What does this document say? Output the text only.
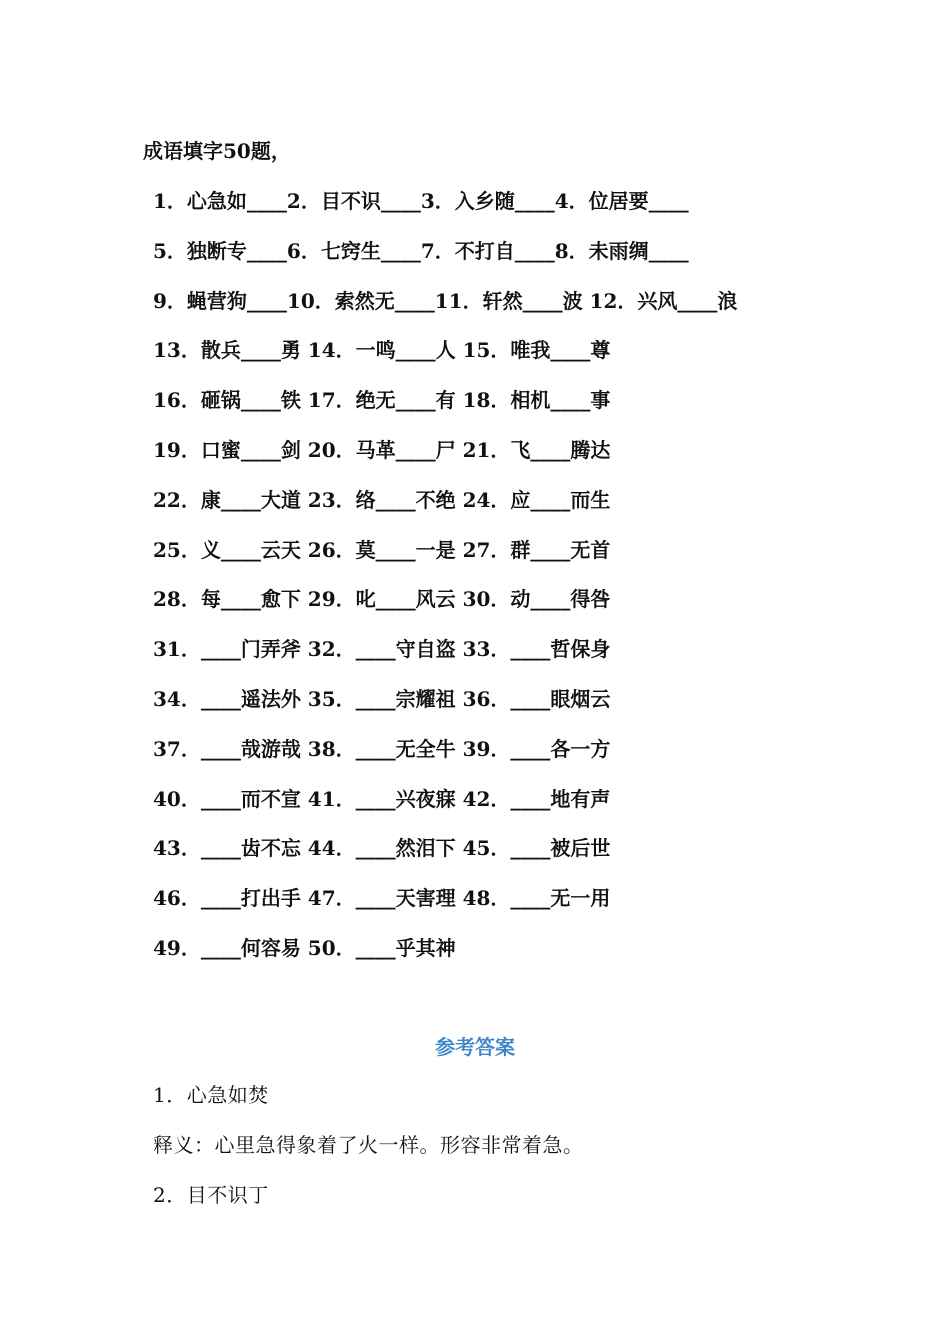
成语填字50题，
1．心急如____2．目不识____3．入乡随____4．位居要____
5．独断专____6．七窍生____7．不打自____8．未雨绸____
9．蝇营狗____10．索然无____11．轩然____波 12．兴风____浪
13．散兵____勇 14．一鸣____人 15．唯我____尊
16．砸锅____铁 17．绝无____有 18．相机____事
19．口蜜____剑 20．马革____尸 21．飞____腾达
22．康____大道 23．络____不绝 24．应____而生
25．义____云天 26．莫____一是 27．群____无首
28．每____愈下 29．叱____风云 30．动____得咎
31．____门弄斧 32．____守自盗 33．____哲保身
34．____遥法外 35．____宗耀祖 36．____眼烟云
37．____哉游哉 38．____无全牛 39．____各一方
40．____而不宣 41．____兴夜寐 42．____地有声
43．____齿不忘 44．____然泪下 45．____被后世
46．____打出手 47．____天害理 48．____无一用
49．____何容易 50．____乎其神
参考答案
1．心急如焚
释义：心里急得象着了火一样。形容非常着急。
2．目不识丁
